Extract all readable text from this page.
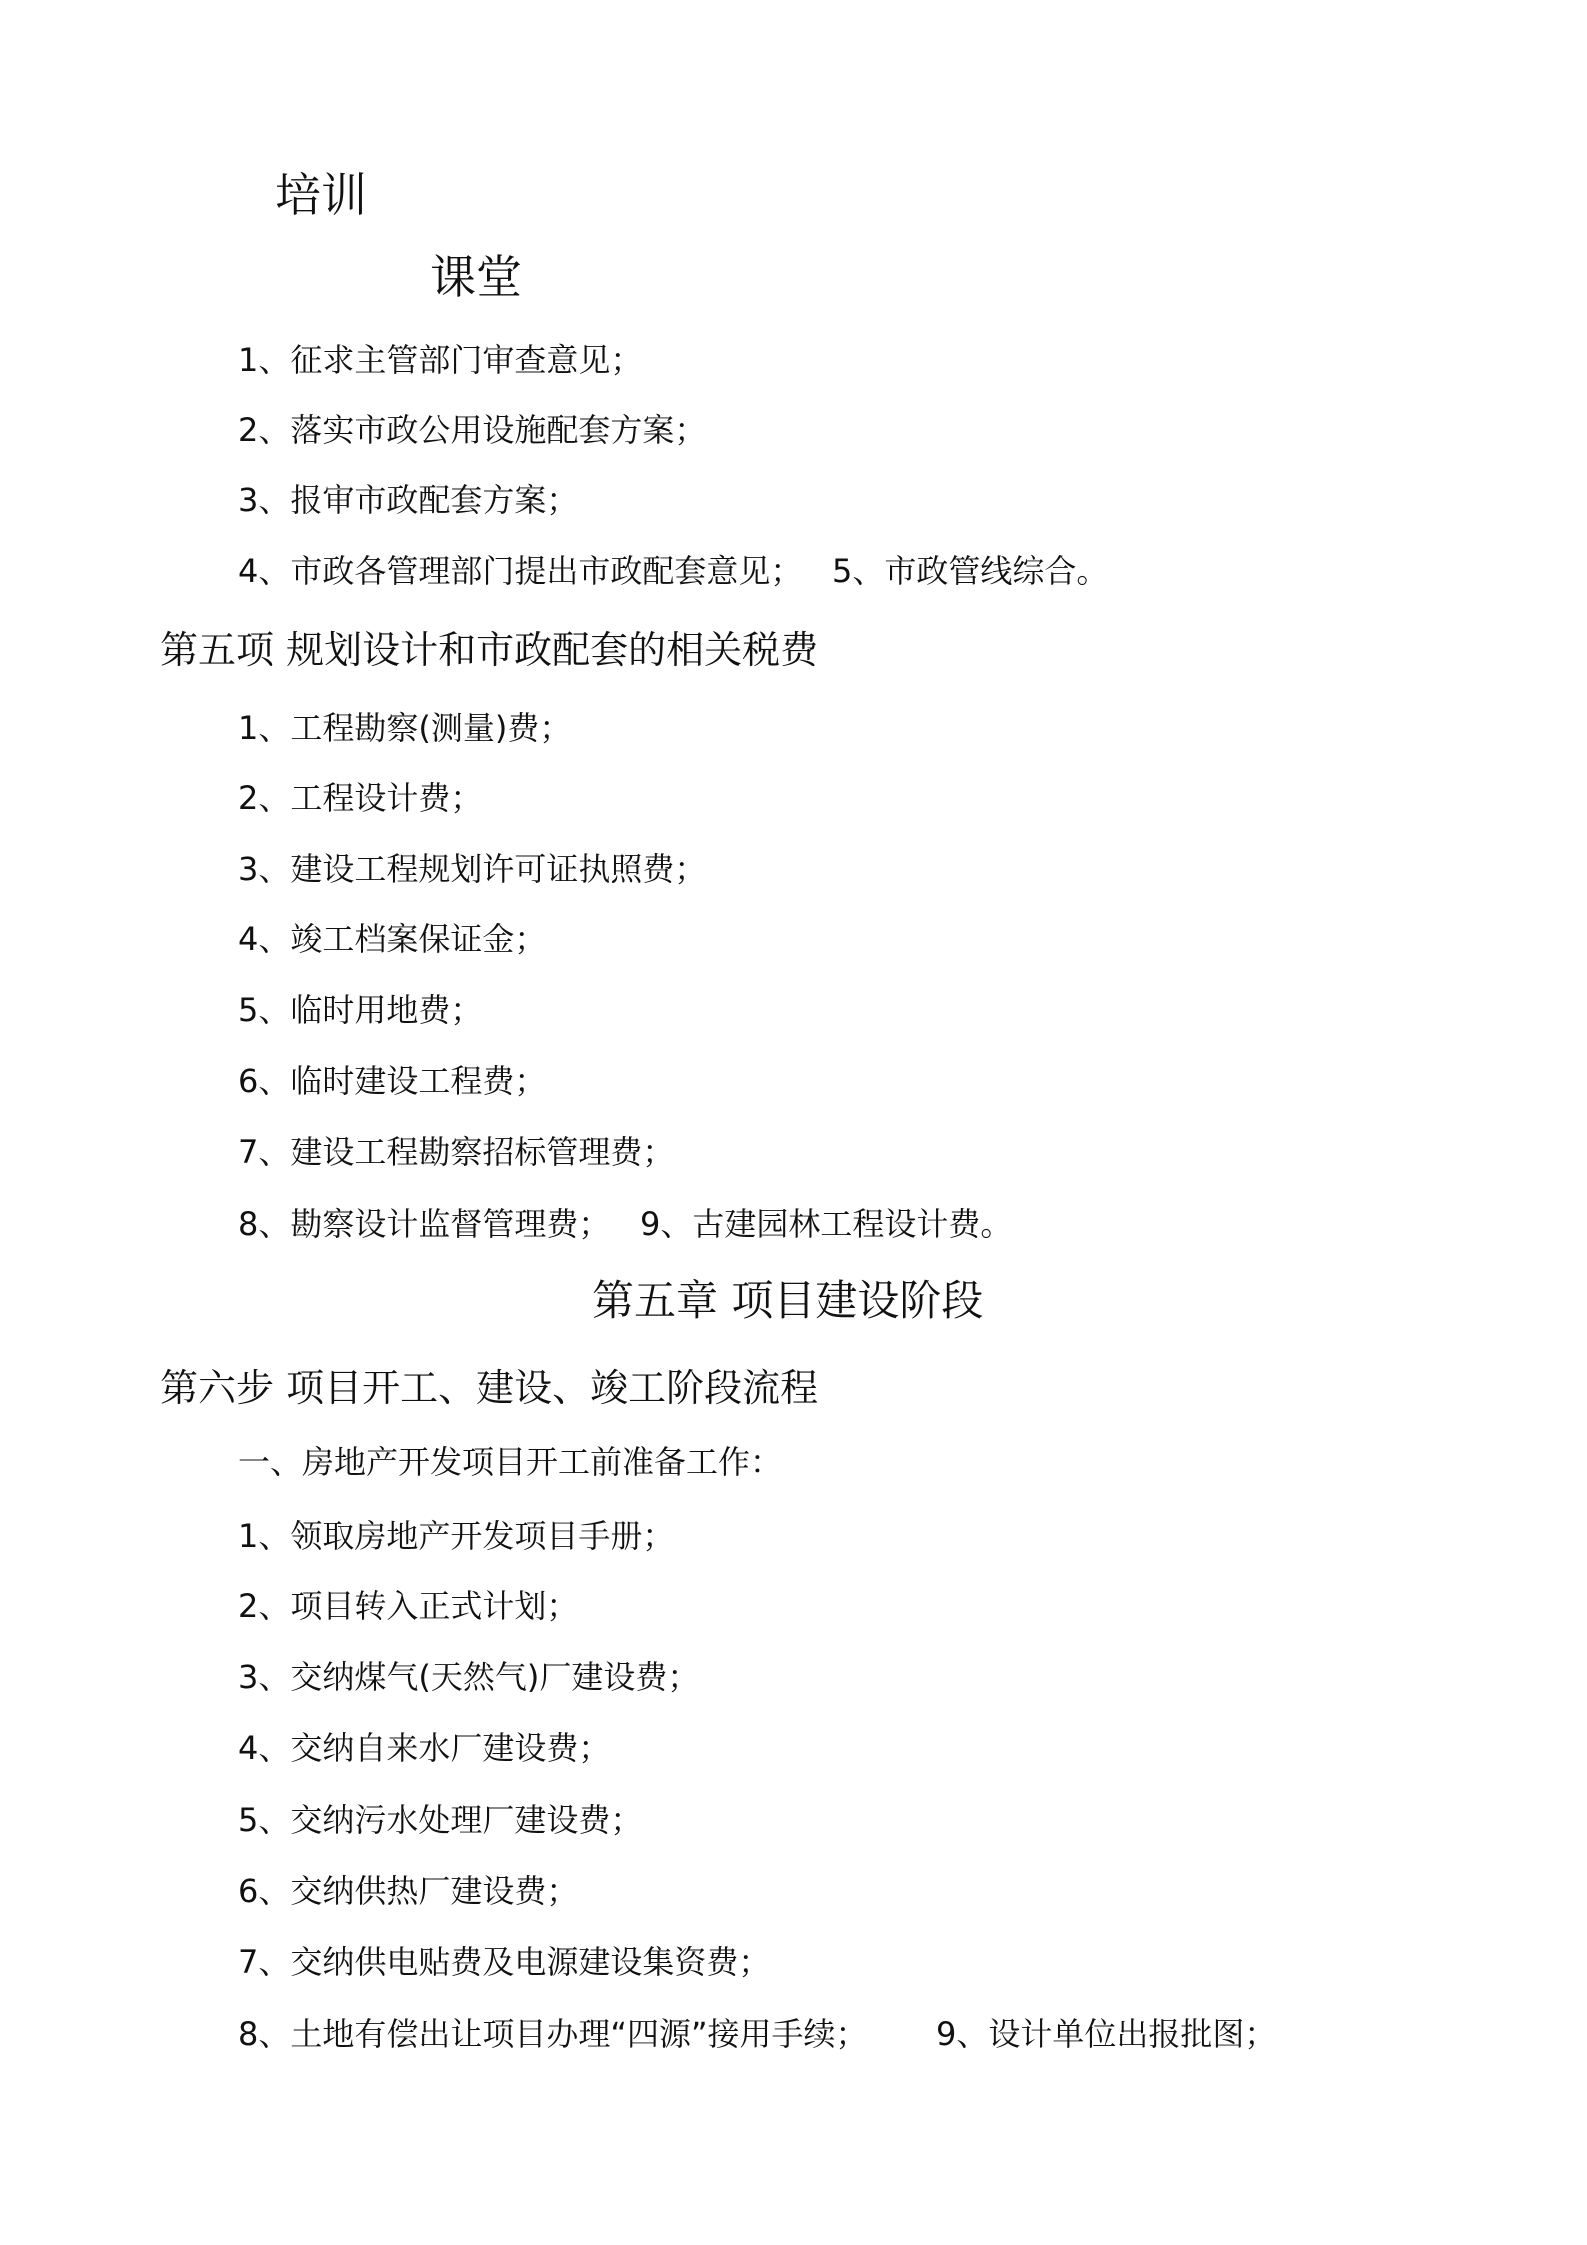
培训
课堂
1、征求主管部门审查意见；
2、落实市政公用设施配套方案；
3、报审市政配套方案；
4、市政各管理部门提出市政配套意见； 5、市政管线综合。
第五项 规划设计和市政配套的相关税费
1、工程勘察(测量)费；
2、工程设计费；
3、建设工程规划许可证执照费；
4、竣工档案保证金；
5、临时用地费；
6、临时建设工程费；
7、建设工程勘察招标管理费；
8、勘察设计监督管理费； 9、古建园林工程设计费。
第五章 项目建设阶段
第六步 项目开工、建设、竣工阶段流程
一、房地产开发项目开工前准备工作：
1、领取房地产开发项目手册；
2、项目转入正式计划；
3、交纳煤气(天然气)厂建设费；
4、交纳自来水厂建设费；
5、交纳污水处理厂建设费；
6、交纳供热厂建设费；
7、交纳供电贴费及电源建设集资费；
8、土地有偿出让项目办理“四源”接用手续； 9、设计单位出报批图；
